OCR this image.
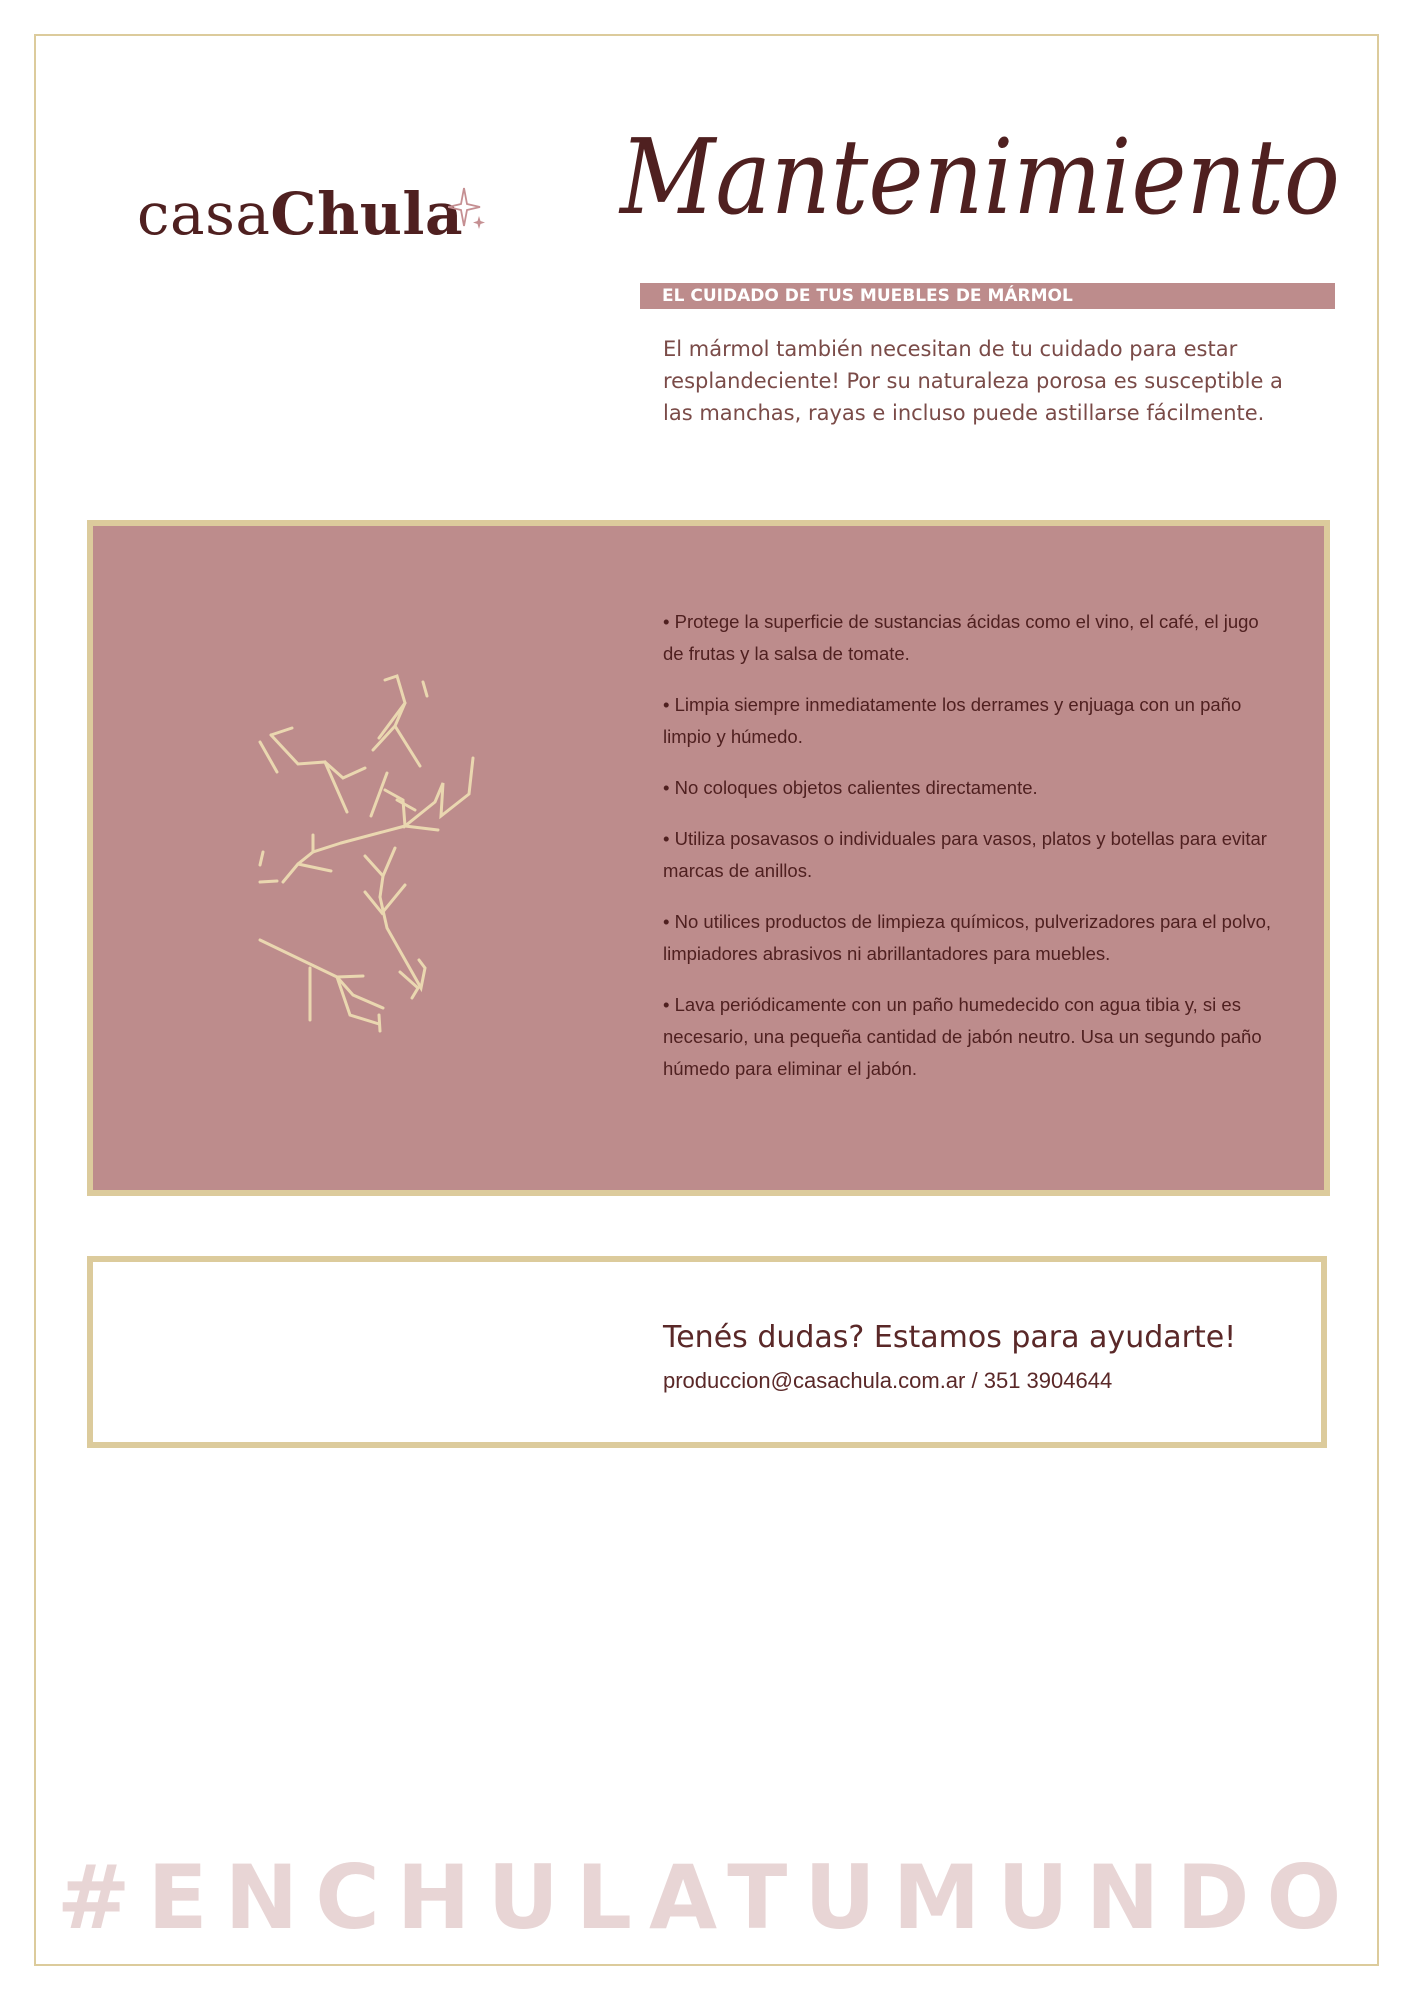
casaChula Mantenimiento
EL CUIDADO DE TUS MUEBLES DE MÁRMOL
El mármol también necesitan de tu cuidado para estar resplandeciente! Por su naturaleza porosa es susceptible a las manchas, rayas e incluso puede astillarse fácilmente.

• Protege la superficie de sustancias ácidas como el vino, el café, el jugo de frutas y la salsa de tomate.

• Limpia siempre inmediatamente los derrames y enjuaga con un paño limpio y húmedo.

• No coloques objetos calientes directamente.

• Utiliza posavasos o individuales para vasos, platos y botellas para evitar marcas de anillos.

• No utilices productos de limpieza químicos, pulverizadores para el polvo, limpiadores abrasivos ni abrillantadores para muebles.

• Lava periódicamente con un paño humedecido con agua tibia y, si es necesario, una pequeña cantidad de jabón neutro. Usa un segundo paño húmedo para eliminar el jabón.

Tenés dudas? Estamos para ayudarte!
produccion@casachula.com.ar / 351 3904644
#ENCHULATUMUNDO
